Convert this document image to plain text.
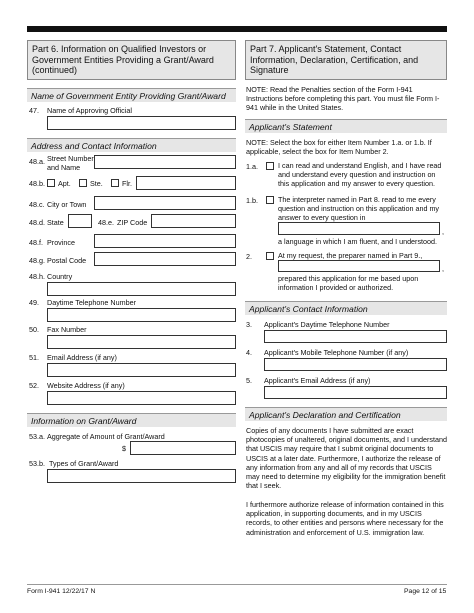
Part 6. Information on Qualified Investors or Government Entities Providing a Grant/Award (continued)
Name of Government Entity Providing Grant/Award
47. Name of Approving Official
Address and Contact Information
48.a. Street Number and Name
48.b. Apt.	Ste.	Flr.
48.c. City or Town
48.d. State	48.e. ZIP Code
48.f. Province
48.g. Postal Code
48.h. Country
49. Daytime Telephone Number
50. Fax Number
51. Email Address (if any)
52. Website Address (if any)
Information on Grant/Award
53.a. Aggregate of Amount of Grant/Award
$
53.b. Types of Grant/Award
Part 7. Applicant's Statement, Contact Information, Declaration, Certification, and Signature
NOTE: Read the Penalties section of the Form I-941 Instructions before completing this part. You must file Form I-941 while in the United States.
Applicant's Statement
NOTE: Select the box for either Item Number 1.a. or 1.b. If applicable, select the box for Item Number 2.
1.a.	I can read and understand English, and I have read and understand every question and instruction on this application and my answer to every question.
1.b.	The interpreter named in Part 8. read to me every question and instruction on this application and my answer to every question in
,
a language in which I am fluent, and I understood.
2.	At my request, the preparer named in Part 9.,
,
prepared this application for me based upon information I provided or authorized.
Applicant's Contact Information
3. Applicant's Daytime Telephone Number
4. Applicant's Mobile Telephone Number (if any)
5. Applicant's Email Address (if any)
Applicant's Declaration and Certification
Copies of any documents I have submitted are exact photocopies of unaltered, original documents, and I understand that USCIS may require that I submit original documents to USCIS at a later date. Furthermore, I authorize the release of any information from any and all of my records that USCIS may need to determine my eligibility for the immigration benefit that I seek.
I furthermore authorize release of information contained in this application, in supporting documents, and in my USCIS records, to other entities and persons where necessary for the administration and enforcement of U.S. immigration law.
Form I-941 12/22/17 N	Page 12 of 15
